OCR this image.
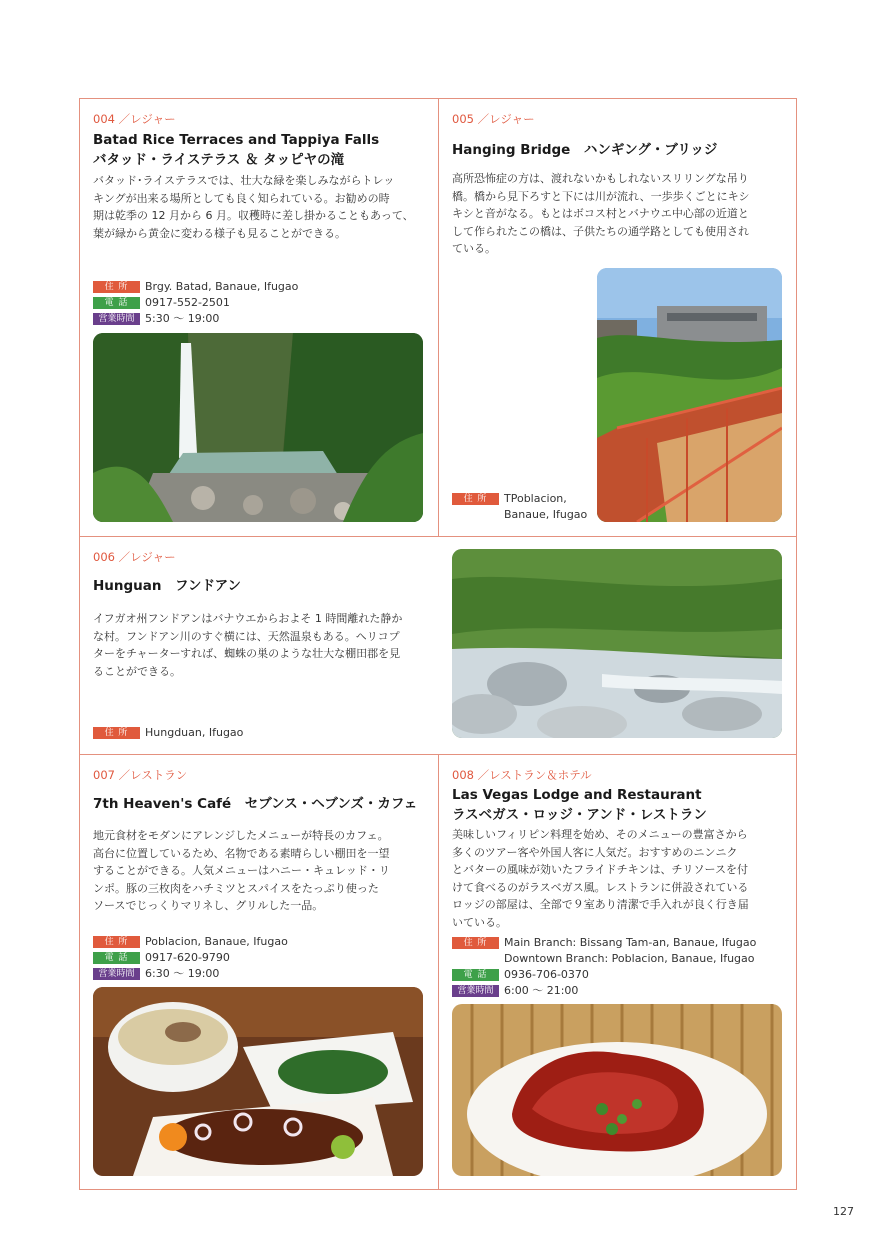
004 ／レジャー
Batad Rice Terraces and Tappiya Falls
バタッド・ライステラス ＆ タッピヤの滝
バタッド･ライステラスでは、壮大な緑を楽しみながらトレッ
キングが出来る場所としても良く知られている。お勧めの時
期は乾季の 12 月から 6 月。収穫時に差し掛かることもあって、
葉が緑から黄金に変わる様子も見ることができる。
住 所	Brgy. Batad, Banaue, Ifugao
電 話	0917-552-2501
営業時間 5:30 〜 19:00
005 ／レジャー
Hanging Bridge　ハンギング・ブリッジ
高所恐怖症の方は、渡れないかもしれないスリリングな吊り
橋。橋から見下ろすと下には川が流れ、一歩歩くごとにキシ
キシと音がなる。もとはボコス村とバナウエ中心部の近道と
して作られたこの橋は、子供たちの通学路としても使用され
ている。
住 所	TPoblacion,
Banaue, Ifugao
006 ／レジャー
Hunguan　フンドアン
イフガオ州フンドアンはバナウエからおよそ 1 時間離れた静か
な村。フンドアン川のすぐ横には、天然温泉もある。ヘリコプ
ターをチャーターすれば、蜘蛛の巣のような壮大な棚田郡を見
ることができる。
住 所	Hungduan, Ifugao
007 ／レストラン
7th Heaven's Café　セブンス・ヘブンズ・カフェ
地元食材をモダンにアレンジしたメニューが特長のカフェ。
高台に位置しているため、名物である素晴らしい棚田を一望
することができる。人気メニューはハニー・キュレッド・リ
ンポ。豚の三枚肉をハチミツとスパイスをたっぷり使った
ソースでじっくりマリネし、グリルした一品。
住 所	Poblacion, Banaue, Ifugao
電 話	0917-620-9790
営業時間 6:30 〜 19:00
008 ／レストラン＆ホテル
Las Vegas Lodge and Restaurant
ラスベガス・ロッジ・アンド・レストラン
美味しいフィリピン料理を始め、そのメニューの豊富さから
多くのツアー客や外国人客に人気だ。おすすめのニンニク
とバターの風味が効いたフライドチキンは、チリソースを付
けて食べるのがラスベガス風。レストランに併設されている
ロッジの部屋は、全部で９室あり清潔で手入れが良く行き届
いている。
住 所	Main Branch: Bissang Tam-an, Banaue, Ifugao
Downtown Branch: Poblacion, Banaue, Ifugao
電 話	0936-706-0370
営業時間 6:00 〜 21:00
127
